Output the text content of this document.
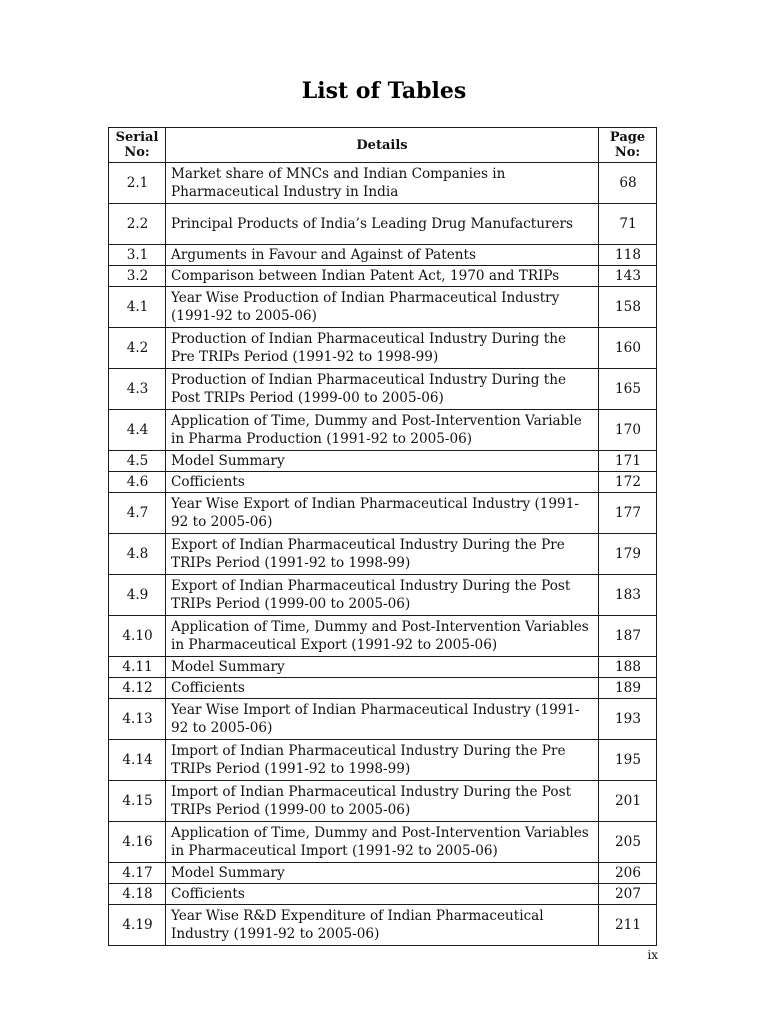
List of Tables
Serial No:	Details	Page No:
2.1	Market share of MNCs and Indian Companies in Pharmaceutical Industry in India	68
2.2	Principal Products of India’s Leading Drug Manufacturers	71
3.1	Arguments in Favour and Against of Patents	118
3.2	Comparison between Indian Patent Act, 1970 and TRIPs	143
4.1	Year Wise Production of Indian Pharmaceutical Industry (1991-92 to 2005-06)	158
4.2	Production of Indian Pharmaceutical Industry During the Pre TRIPs Period (1991-92 to 1998-99)	160
4.3	Production of Indian Pharmaceutical Industry During the Post TRIPs Period (1999-00 to 2005-06)	165
4.4	Application of Time, Dummy and Post-Intervention Variable in Pharma Production (1991-92 to 2005-06)	170
4.5	Model Summary	171
4.6	Cofficients	172
4.7	Year Wise Export of Indian Pharmaceutical Industry (1991-92 to 2005-06)	177
4.8	Export of Indian Pharmaceutical Industry During the Pre TRIPs Period (1991-92 to 1998-99)	179
4.9	Export of Indian Pharmaceutical Industry During the Post TRIPs Period (1999-00 to 2005-06)	183
4.10	Application of Time, Dummy and Post-Intervention Variables in Pharmaceutical Export (1991-92 to 2005-06)	187
4.11	Model Summary	188
4.12	Cofficients	189
4.13	Year Wise Import of Indian Pharmaceutical Industry (1991-92 to 2005-06)	193
4.14	Import of Indian Pharmaceutical Industry During the Pre TRIPs Period (1991-92 to 1998-99)	195
4.15	Import of Indian Pharmaceutical Industry During the Post TRIPs Period (1999-00 to 2005-06)	201
4.16	Application of Time, Dummy and Post-Intervention Variables in Pharmaceutical Import (1991-92 to 2005-06)	205
4.17	Model Summary	206
4.18	Cofficients	207
4.19	Year Wise R&D Expenditure of Indian Pharmaceutical Industry (1991-92 to 2005-06)	211
ix
